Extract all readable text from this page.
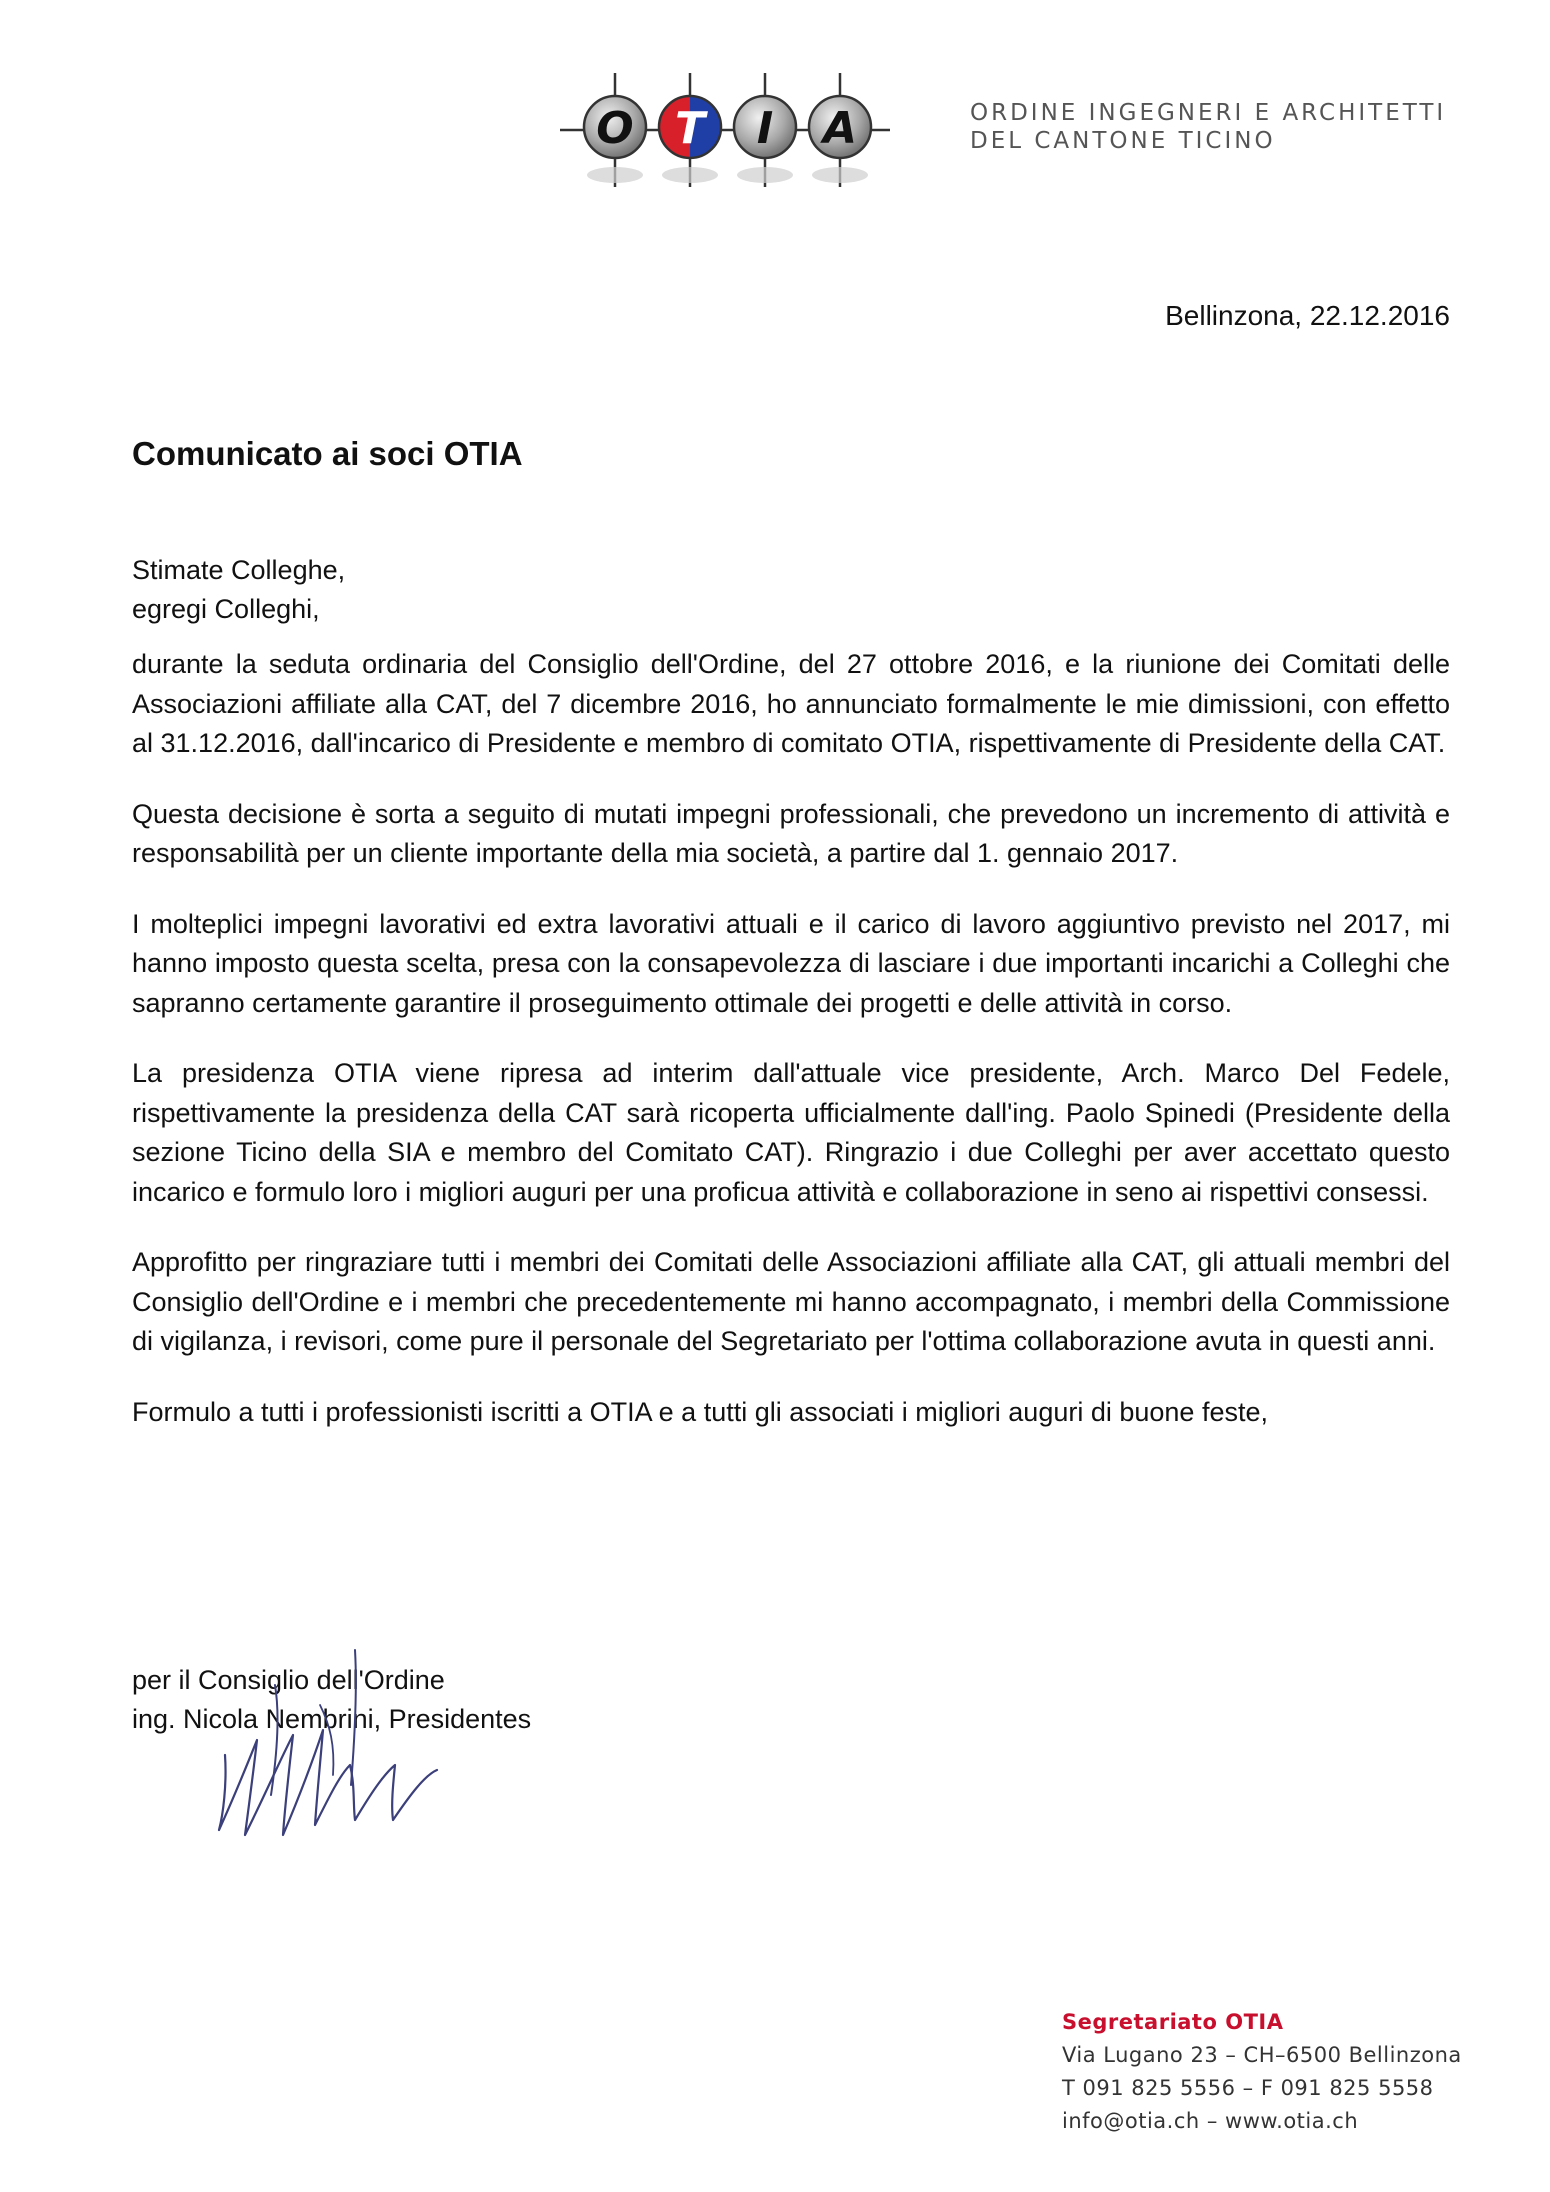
O T I A	ORDINE INGEGNERI E ARCHITETTI
DEL CANTONE TICINO
Bellinzona, 22.12.2016
Comunicato ai soci OTIA
Stimate Colleghe,
egregi Colleghi,

durante la seduta ordinaria del Consiglio dell'Ordine, del 27 ottobre 2016, e la riunione dei Comitati delle Associazioni affiliate alla CAT, del 7 dicembre 2016, ho annunciato formalmente le mie dimissioni, con effetto al 31.12.2016, dall'incarico di Presidente e membro di comitato OTIA, rispettivamente di Presidente della CAT.

Questa decisione è sorta a seguito di mutati impegni professionali, che prevedono un incremento di attività e responsabilità per un cliente importante della mia società, a partire dal 1. gennaio 2017.

I molteplici impegni lavorativi ed extra lavorativi attuali e il carico di lavoro aggiuntivo previsto nel 2017, mi hanno imposto questa scelta, presa con la consapevolezza di lasciare i due importanti incarichi a Colleghi che sapranno certamente garantire il proseguimento ottimale dei progetti e delle attività in corso.

La presidenza OTIA viene ripresa ad interim dall'attuale vice presidente, Arch. Marco Del Fedele, rispettivamente la presidenza della CAT sarà ricoperta ufficialmente dall'ing. Paolo Spinedi (Presidente della sezione Ticino della SIA e membro del Comitato CAT). Ringrazio i due Colleghi per aver accettato questo incarico e formulo loro i migliori auguri per una proficua attività e collaborazione in seno ai rispettivi consessi.

Approfitto per ringraziare tutti i membri dei Comitati delle Associazioni affiliate alla CAT, gli attuali membri del Consiglio dell'Ordine e i membri che precedentemente mi hanno accompagnato, i membri della Commissione di vigilanza, i revisori, come pure il personale del Segretariato per l'ottima collaborazione avuta in questi anni.

Formulo a tutti i professionisti iscritti a OTIA e a tutti gli associati i migliori auguri di buone feste,

per il Consiglio dell'Ordine
ing. Nicola Nembrini, Presidentes
Segretariato OTIA
Via Lugano 23 – CH–6500 Bellinzona
T 091 825 5556 – F 091 825 5558
info@otia.ch – www.otia.ch
